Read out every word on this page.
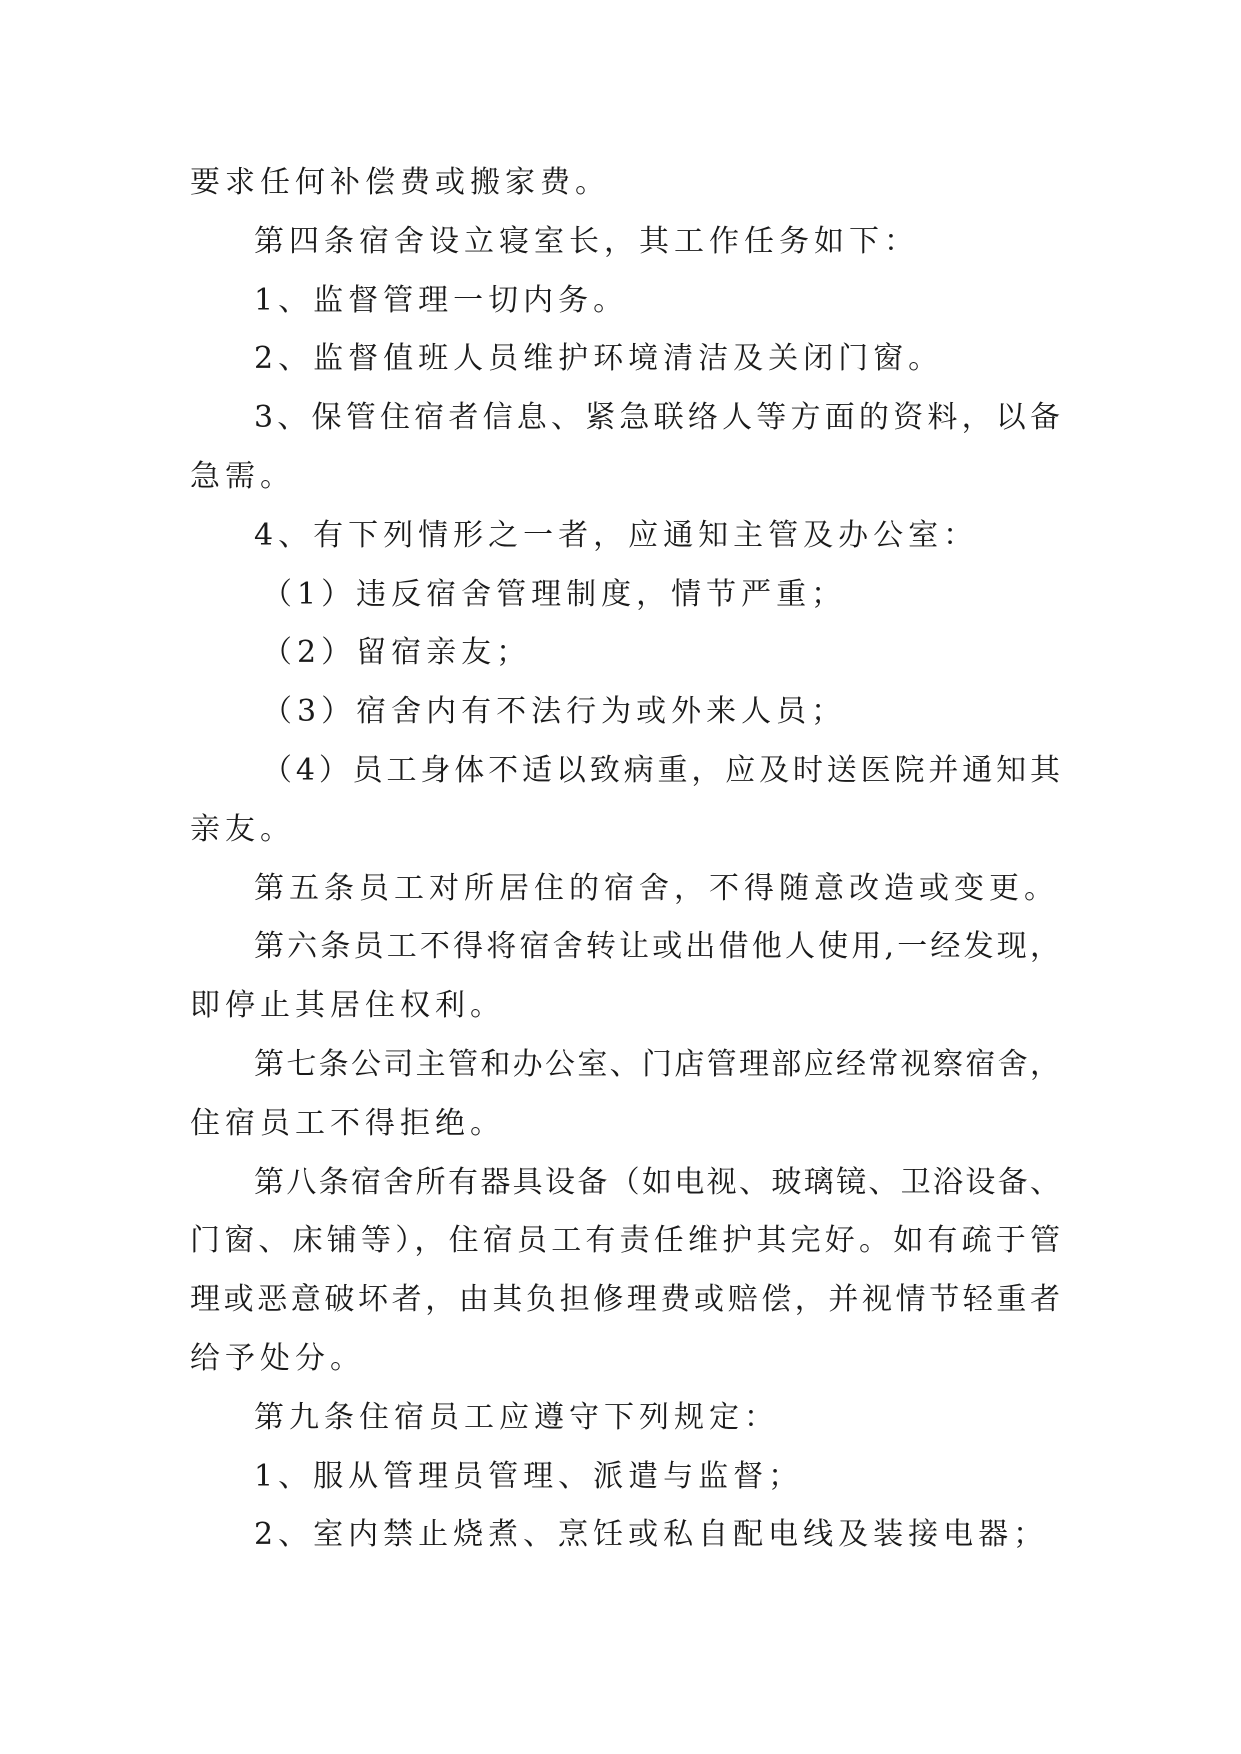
要求任何补偿费或搬家费。
第四条宿舍设立寝室长，其工作任务如下：
1、监督管理一切内务。
2、监督值班人员维护环境清洁及关闭门窗。
3、保管住宿者信息、紧急联络人等方面的资料，以备
急需。
4、有下列情形之一者，应通知主管及办公室：
（1）违反宿舍管理制度，情节严重；
（2）留宿亲友；
（3）宿舍内有不法行为或外来人员；
（4）员工身体不适以致病重，应及时送医院并通知其
亲友。
第五条员工对所居住的宿舍，不得随意改造或变更。
第六条员工不得将宿舍转让或出借他人使用,一经发现，
即停止其居住权利。
第七条公司主管和办公室、门店管理部应经常视察宿舍，
住宿员工不得拒绝。
第八条宿舍所有器具设备（如电视、玻璃镜、卫浴设备、
门窗、床铺等），住宿员工有责任维护其完好。如有疏于管
理或恶意破坏者，由其负担修理费或赔偿，并视情节轻重者
给予处分。
第九条住宿员工应遵守下列规定：
1、服从管理员管理、派遣与监督；
2、室内禁止烧煮、烹饪或私自配电线及装接电器；
